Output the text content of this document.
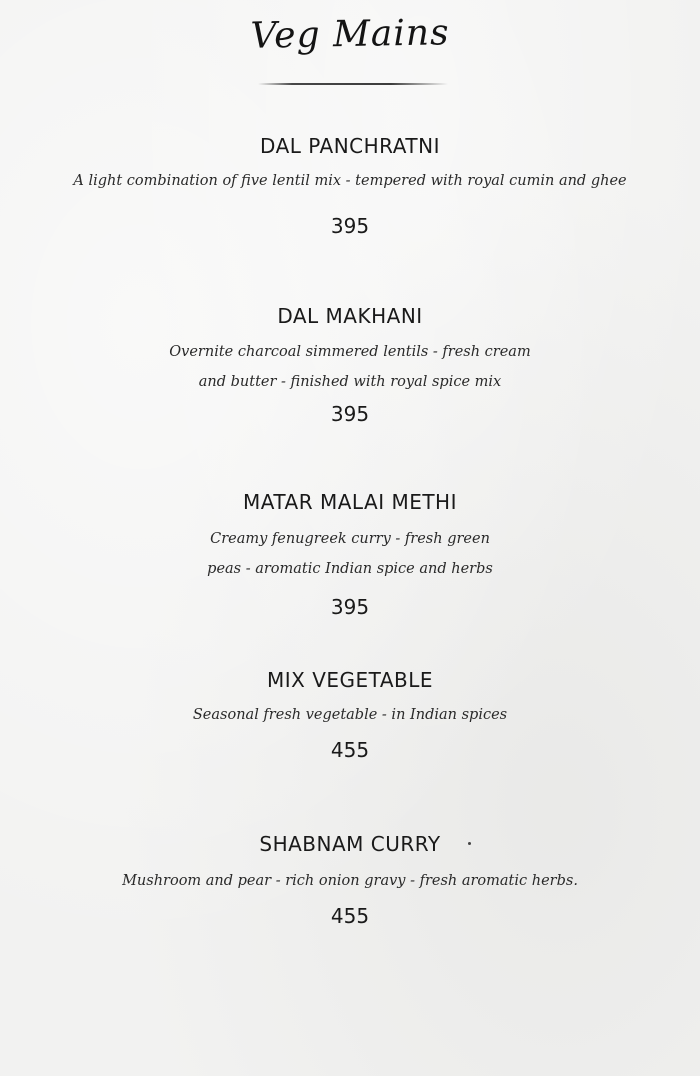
Veg Mains
DAL PANCHRATNI
A light combination of five lentil mix - tempered with royal cumin and ghee
395
DAL MAKHANI
Overnite charcoal simmered lentils - fresh cream
and butter - finished with royal spice mix
395
MATAR MALAI METHI
Creamy fenugreek curry - fresh green
peas - aromatic Indian spice and herbs
395
MIX VEGETABLE
Seasonal fresh vegetable - in Indian spices
455
SHABNAM CURRY
Mushroom and pear - rich onion gravy - fresh aromatic herbs.
455
